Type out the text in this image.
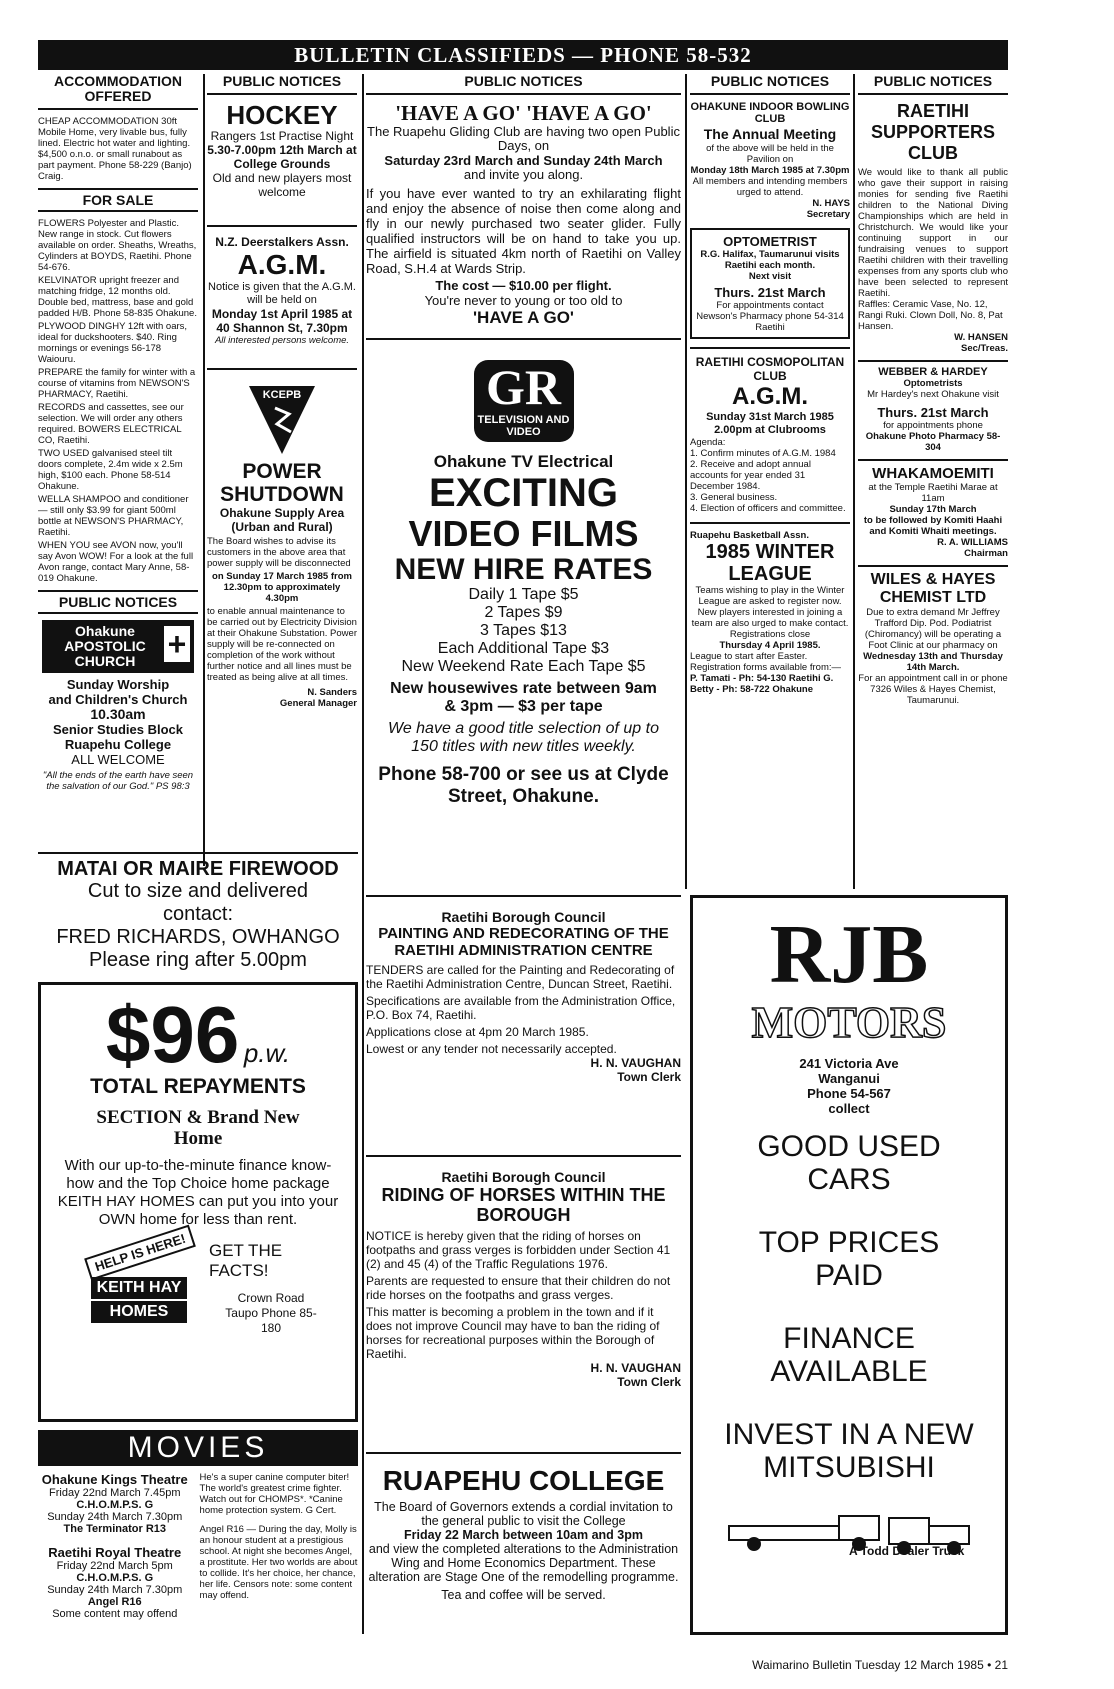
BULLETIN CLASSIFIEDS — PHONE 58-532
ACCOMMODATION OFFERED
CHEAP ACCOMMODATION 30ft Mobile Home, very livable bus, fully lined. Electric hot water and lighting. $4,500 o.n.o. or small runabout as part payment. Phone 58-229 (Banjo) Craig.
FOR SALE

FLOWERS Polyester and Plastic. New range in stock. Cut flowers available on order. Sheaths, Wreaths, Cylinders at BOYDS, Raetihi. Phone 54-676.

KELVINATOR upright freezer and matching fridge, 12 months old. Double bed, mattress, base and gold padded H/B. Phone 58-835 Ohakune.

PLYWOOD DINGHY 12ft with oars, ideal for duckshooters. $40. Ring mornings or evenings 56-178 Waiouru.

PREPARE the family for winter with a course of vitamins from NEWSON'S PHARMACY, Raetihi.

RECORDS and cassettes, see our selection. We will order any others required. BOWERS ELECTRICAL CO, Raetihi.

TWO USED galvanised steel tilt doors complete, 2.4m wide x 2.5m high, $100 each. Phone 58-514 Ohakune.

WELLA SHAMPOO and conditioner — still only $3.99 for giant 500ml bottle at NEWSON'S PHARMACY, Raetihi.

WHEN YOU see AVON now, you'll say Avon WOW! For a look at the full Avon range, contact Mary Anne, 58-019 Ohakune.

PUBLIC NOTICES
Ohakune APOSTOLIC CHURCH +

Sunday Worship

and Children's Church

10.30am

Senior Studies Block

Ruapehu College

ALL WELCOME

"All the ends of the earth have seen the salvation of our God." PS 98:3

PUBLIC NOTICES
HOCKEY

Rangers 1st Practise Night

5.30-7.00pm 12th March at College Grounds

Old and new players most welcome

N.Z. Deerstalkers Assn.

A.G.M.

Notice is given that the A.G.M. will be held on

Monday 1st April 1985 at 40 Shannon St, 7.30pm

All interested persons welcome.

KCEPB
POWER SHUTDOWN

Ohakune Supply Area (Urban and Rural)

The Board wishes to advise its customers in the above area that power supply will be disconnected

on Sunday 17 March 1985 from 12.30pm to approximately 4.30pm

to enable annual maintenance to be carried out by Electricity Division at their Ohakune Substation. Power supply will be re-connected on completion of the work without further notice and all lines must be treated as being alive at all times.

N. Sanders

General Manager

MATAI OR MAIRE FIREWOOD

Cut to size and delivered

contact:

FRED RICHARDS, OWHANGO

Please ring after 5.00pm

$96 p.w.
TOTAL REPAYMENTS
SECTION & Brand New Home

With our up-to-the-minute finance know-how and the Top Choice home package KEITH HAY HOMES can put you into your OWN home for less than rent.

HELP IS HERE!
KEITH HAY
HOMES
GET THE FACTS!
Crown Road Taupo Phone 85-180
MOVIES

Ohakune Kings Theatre

Friday 22nd March 7.45pm

C.H.O.M.P.S. G

Sunday 24th March 7.30pm

The Terminator R13

Raetihi Royal Theatre

Friday 22nd March 5pm

C.H.O.M.P.S. G

Sunday 24th March 7.30pm

Angel R16

Some content may offend

He's a super canine computer biter! The world's greatest crime fighter. Watch out for CHOMPS*. *Canine home protection system. G Cert.

Angel R16 — During the day, Molly is an honour student at a prestigious school. At night she becomes Angel, a prostitute. Her two worlds are about to collide. It's her choice, her chance, her life. Censors note: some content may offend.

PUBLIC NOTICES
'HAVE A GO' 'HAVE A GO'

The Ruapehu Gliding Club are having two open Public Days, on

Saturday 23rd March and Sunday 24th March

and invite you along.

If you have ever wanted to try an exhilarating flight and enjoy the absence of noise then come along and fly in our newly purchased two seater glider. Fully qualified instructors will be on hand to take you up. The airfield is situated 4km north of Raetihi on Valley Road, S.H.4 at Wards Strip.

The cost — $10.00 per flight.

You're never to young or too old to

'HAVE A GO'

GR
TELEVISION AND VIDEO

Ohakune TV Electrical

EXCITING
VIDEO FILMS
NEW HIRE RATES

Daily 1 Tape $5

2 Tapes $9

3 Tapes $13

Each Additional Tape $3

New Weekend Rate Each Tape $5

New housewives rate between 9am & 3pm — $3 per tape

We have a good title selection of up to 150 titles with new titles weekly.

Phone 58-700 or see us at Clyde Street, Ohakune.

Raetihi Borough Council

PAINTING AND REDECORATING OF THE RAETIHI ADMINISTRATION CENTRE

TENDERS are called for the Painting and Redecorating of the Raetihi Administration Centre, Duncan Street, Raetihi.

Specifications are available from the Administration Office, P.O. Box 74, Raetihi.

Applications close at 4pm 20 March 1985.

Lowest or any tender not necessarily accepted.

H. N. VAUGHAN

Town Clerk

Raetihi Borough Council

RIDING OF HORSES WITHIN THE BOROUGH

NOTICE is hereby given that the riding of horses on footpaths and grass verges is forbidden under Section 41 (2) and 45 (4) of the Traffic Regulations 1976.

Parents are requested to ensure that their children do not ride horses on the footpaths and grass verges.

This matter is becoming a problem in the town and if it does not improve Council may have to ban the riding of horses for recreational purposes within the Borough of Raetihi.

H. N. VAUGHAN

Town Clerk

RUAPEHU COLLEGE

The Board of Governors extends a cordial invitation to the general public to visit the College

Friday 22 March between 10am and 3pm

and view the completed alterations to the Administration Wing and Home Economics Department. These alteration are Stage One of the remodelling programme.

Tea and coffee will be served.

PUBLIC NOTICES

OHAKUNE INDOOR BOWLING CLUB

The Annual Meeting

of the above will be held in the Pavilion on

Monday 18th March 1985 at 7.30pm

All members and intending members urged to attend.

N. HAYS

Secretary

OPTOMETRIST

R.G. Halifax, Taumarunui visits Raetihi each month.

Next visit

Thurs. 21st March

For appointments contact Newson's Pharmacy phone 54-314 Raetihi

RAETIHI COSMOPOLITAN CLUB

A.G.M.

Sunday 31st March 1985 2.00pm at Clubrooms

Agenda:

1. Confirm minutes of A.G.M. 1984

2. Receive and adopt annual accounts for year ended 31 December 1984.

3. General business.

4. Election of officers and committee.

Ruapehu Basketball Assn.

1985 WINTER LEAGUE

Teams wishing to play in the Winter League are asked to register now.

New players interested in joining a team are also urged to make contact.

Registrations close

Thursday 4 April 1985.

League to start after Easter. Registration forms available from:—

P. Tamati - Ph: 54-130 Raetihi G. Betty - Ph: 58-722 Ohakune

PUBLIC NOTICES

RAETIHI SUPPORTERS CLUB

We would like to thank all public who gave their support in raising monies for sending five Raetihi children to the National Diving Championships which are held in Christchurch. We would like your continuing support in our fundraising venues to support Raetihi children with their travelling expenses from any sports club who have been selected to represent Raetihi.

Raffles: Ceramic Vase, No. 12, Rangi Ruki. Clown Doll, No. 8, Pat Hansen.

W. HANSEN

Sec/Treas.

WEBBER & HARDEY

Optometrists

Mr Hardey's next Ohakune visit

Thurs. 21st March

for appointments phone

Ohakune Photo Pharmacy 58-304

WHAKAMOEMITI

at the Temple Raetihi Marae at 11am

Sunday 17th March

to be followed by Komiti Haahi and Komiti Whaiti meetings.

R. A. WILLIAMS

Chairman

WILES & HAYES CHEMIST LTD

Due to extra demand Mr Jeffrey Trafford Dip. Pod. Podiatrist (Chiromancy) will be operating a Foot Clinic at our pharmacy on

Wednesday 13th and Thursday 14th March.

For an appointment call in or phone 7326 Wiles & Hayes Chemist, Taumarunui.

RJB
MOTORS

241 Victoria Ave

Wanganui

Phone 54-567

collect

GOOD USED CARS

TOP PRICES PAID

FINANCE AVAILABLE

INVEST IN A NEW MITSUBISHI

A Todd Dealer Truck
Waimarino Bulletin Tuesday 12 March 1985 • 21
